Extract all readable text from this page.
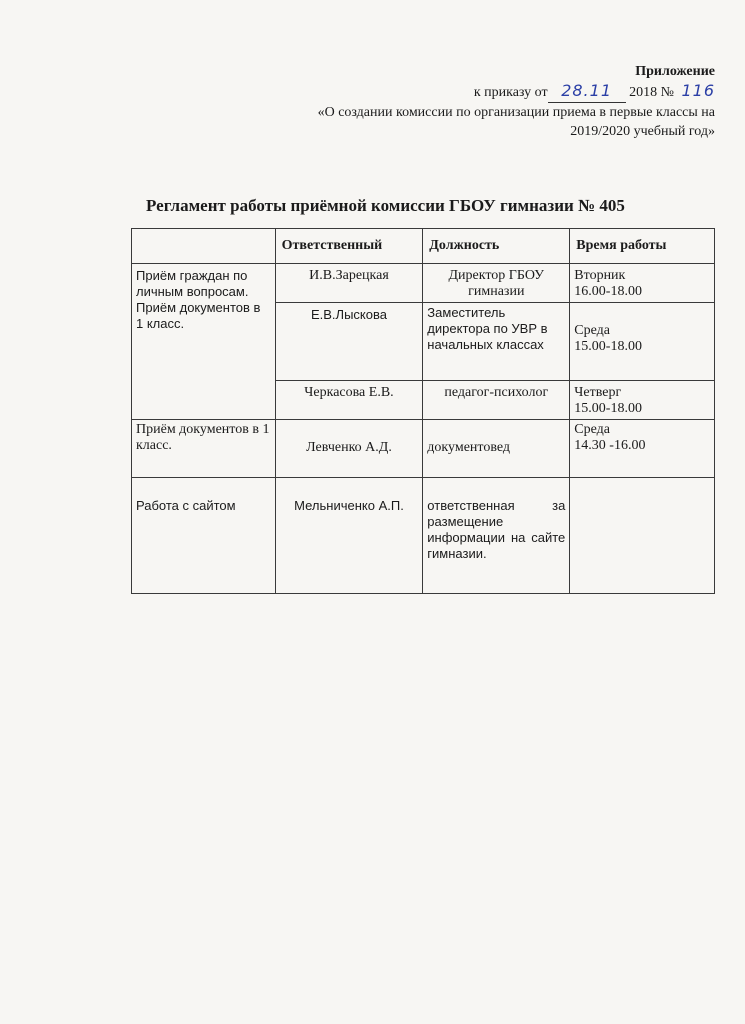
Приложение
к приказу от 28.11 2018 № 116
«О создании комиссии по организации приема в первые классы на
2019/2020 учебный год»
Регламент работы приёмной комиссии ГБОУ гимназии № 405
	Ответственный	Должность	Время работы
Приём граждан по личным вопросам. Приём документов в 1 класс.	И.В.Зарецкая	Директор ГБОУ гимназии	Вторник
16.00-18.00

	Е.В.Лыскова	Заместитель директора по УВР в начальных классах	Среда
15.00-18.00

	Черкасова Е.В.	педагог-психолог	Четверг
15.00-18.00

Приём документов в 1 класс.	Левченко А.Д.	документовед	Среда
14.30 -16.00

Работа с сайтом	Мельниченко А.П.	ответственная за размещение информации на сайте гимназии.	
